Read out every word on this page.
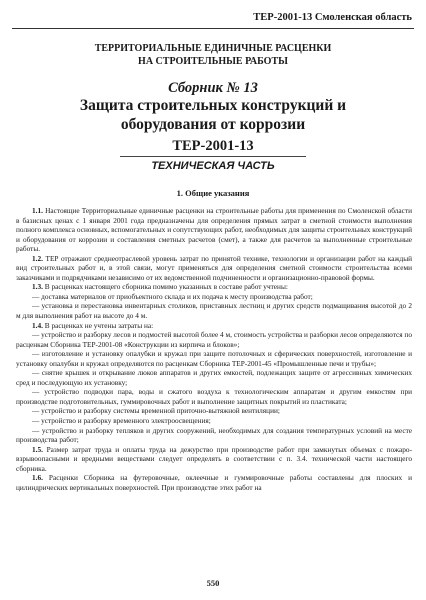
ТЕР-2001-13 Смоленская область
ТЕРРИТОРИАЛЬНЫЕ ЕДИНИЧНЫЕ РАСЦЕНКИ
НА СТРОИТЕЛЬНЫЕ РАБОТЫ
Сборник № 13
Защита строительных конструкций и
оборудования от коррозии
ТЕР-2001-13
ТЕХНИЧЕСКАЯ ЧАСТЬ
1. Общие указания

1.1. Настоящие Территориальные единичные расценки на строительные работы для применения по Смоленской области в базисных ценах с 1 января 2001 года предназначены для определения прямых затрат в сметной стоимости выполнения полного комплекса основных, вспомогательных и сопутствующих работ, необходимых для защиты строительных конструкций и оборудования от коррозии и составления сметных расчетов (смет), а также для расчетов за выполненные строительные работы.

1.2. ТЕР отражают среднеотраслевой уровень затрат по принятой технике, технологии и организации работ на каждый вид строительных работ и, в этой связи, могут применяться для определения сметной стоимости строительства всеми заказчиками и подрядчиками независимо от их ведомственной подчиненности и организационно-правовой формы.

1.3. В расценках настоящего сборника помимо указанных в составе работ учтены:

— доставка материалов от приобъектного склада и их подача к месту производства работ;

— установка и перестановка инвентарных столиков, приставных лестниц и других средств подмащивания высотой до 2 м для выполнения работ на высоте до 4 м.

1.4. В расценках не учтены затраты на:

— устройство и разборку лесов и подмостей высотой более 4 м, стоимость устройства и разборки лесов определяются по расценкам Сборника ТЕР-2001-08 «Конструкции из кирпича и блоков»;

— изготовление и установку опалубки и кружал при защите потолочных и сферических поверхностей, изготовление и установку опалубки и кружал определяются по расценкам Сборника ТЕР-2001-45 «Промышленные печи и трубы»;

— снятие крышек и открывание люков аппаратов и других емкостей, подлежащих защите от агрессивных химических сред и последующую их установку;

— устройство подводки пара, воды и сжатого воздуха к технологическим аппаратам и другим емкостям при производстве подготовительных, гуммировочных работ и выполнение защитных покрытий из пластиката;

— устройство и разборку системы временной приточно-вытяжной вентиляции;

— устройство и разборку временного электроосвещения;

— устройство и разборку тепляков и других сооружений, необходимых для создания температурных условий на месте производства работ;

1.5. Размер затрат труда и оплаты труда на дежурство при производстве работ при замкнутых объемах с пожаро-взрывоопасными и вредными веществами следует определять в соответствии с п. 3.4. технической части настоящего сборника.

1.6. Расценки Сборника на футеровочные, оклеечные и гуммировочные работы составлены для плоских и цилиндрических вертикальных поверхностей. При производстве этих работ на

550
